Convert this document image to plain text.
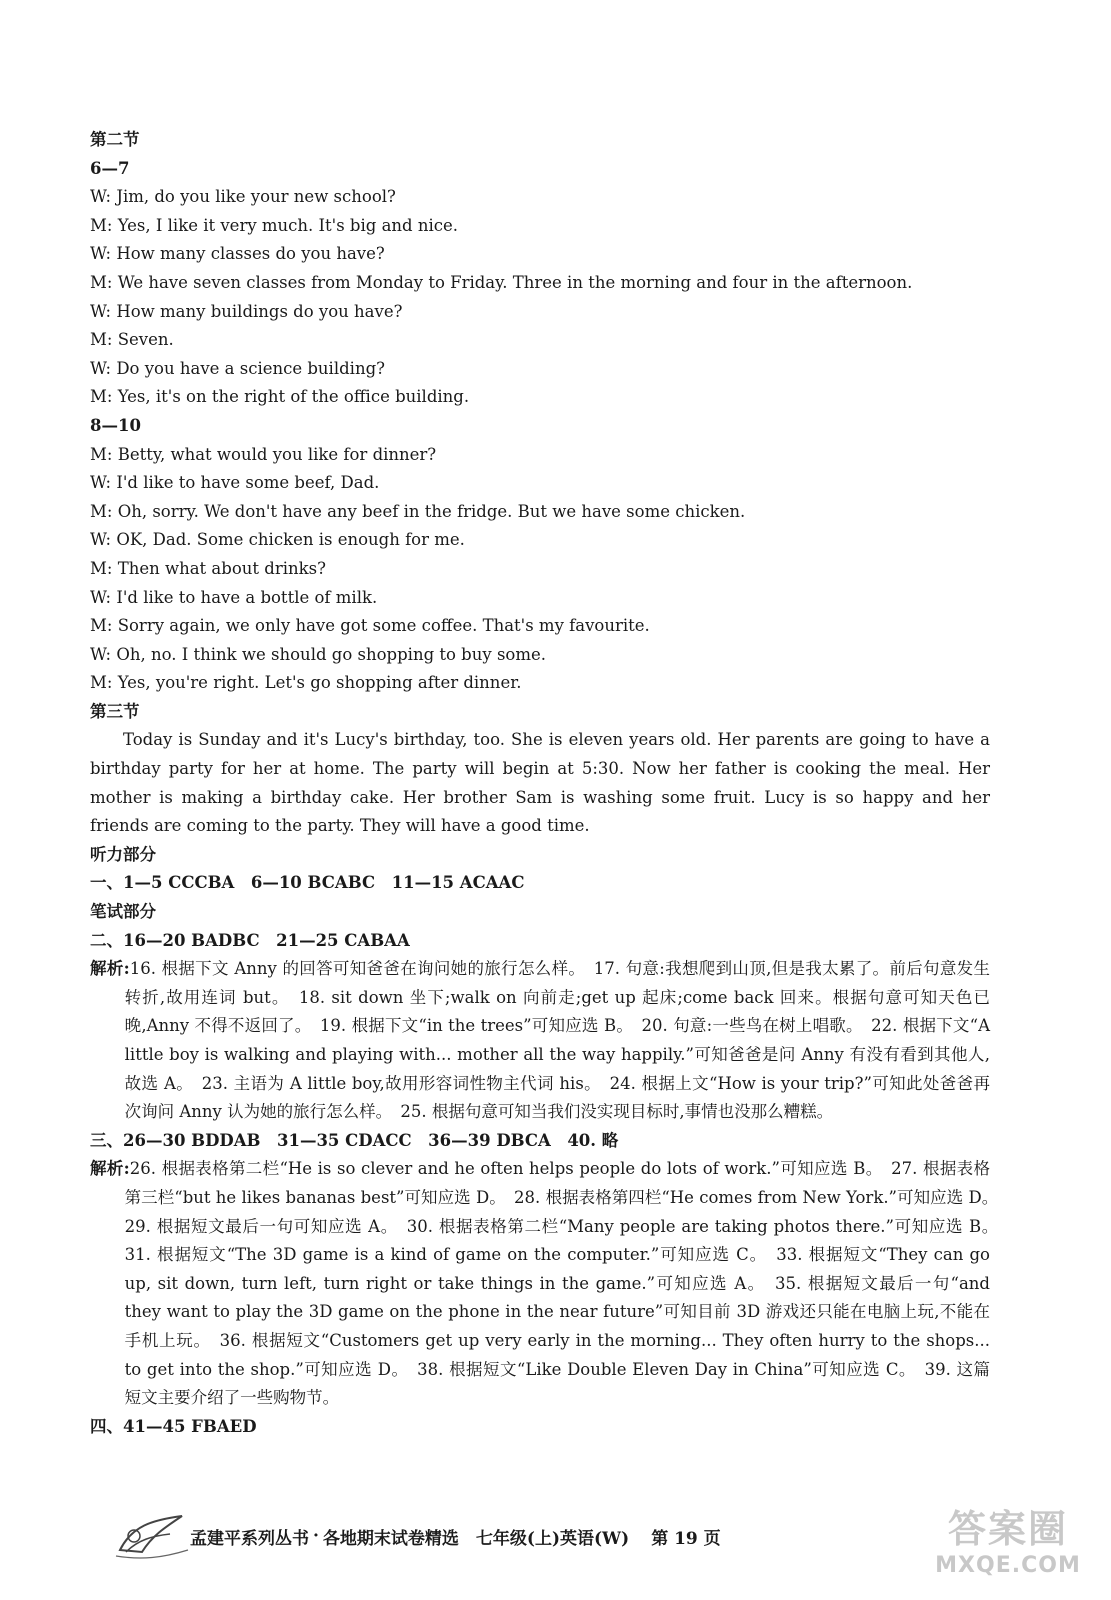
第二节
6—7
W: Jim, do you like your new school?
M: Yes, I like it very much. It's big and nice.
W: How many classes do you have?
M: We have seven classes from Monday to Friday. Three in the morning and four in the afternoon.
W: How many buildings do you have?
M: Seven.
W: Do you have a science building?
M: Yes, it's on the right of the office building.
8—10
M: Betty, what would you like for dinner?
W: I'd like to have some beef, Dad.
M: Oh, sorry. We don't have any beef in the fridge. But we have some chicken.
W: OK, Dad. Some chicken is enough for me.
M: Then what about drinks?
W: I'd like to have a bottle of milk.
M: Sorry again, we only have got some coffee. That's my favourite.
W: Oh, no. I think we should go shopping to buy some.
M: Yes, you're right. Let's go shopping after dinner.
第三节
Today is Sunday and it's Lucy's birthday, too. She is eleven years old. Her parents are going to have a birthday party for her at home. The party will begin at 5:30. Now her father is cooking the meal. Her mother is making a birthday cake. Her brother Sam is washing some fruit. Lucy is so happy and her friends are coming to the party. They will have a good time.
听力部分
一、1—5 CCCBA　6—10 BCABC　11—15 ACAAC
笔试部分
二、16—20 BADBC　21—25 CABAA
解析:16. 根据下文 Anny 的回答可知爸爸在询问她的旅行怎么样。　17. 句意:我想爬到山顶,但是我太累了。前后句意发生转折,故用连词 but。　18. sit down 坐下;walk on 向前走;get up 起床;come back 回来。根据句意可知天色已晚,Anny 不得不返回了。　19. 根据下文“in the trees”可知应选 B。　20. 句意:一些鸟在树上唱歌。　22. 根据下文“A little boy is walking and playing with... mother all the way happily.”可知爸爸是问 Anny 有没有看到其他人,故选 A。　23. 主语为 A little boy,故用形容词性物主代词 his。　24. 根据上文“How is your trip?”可知此处爸爸再次询问 Anny 认为她的旅行怎么样。　25. 根据句意可知当我们没实现目标时,事情也没那么糟糕。
三、26—30 BDDAB　31—35 CDACC　36—39 DBCA　40. 略
解析:26. 根据表格第二栏“He is so clever and he often helps people do lots of work.”可知应选 B。　27. 根据表格第三栏“but he likes bananas best”可知应选 D。　28. 根据表格第四栏“He comes from New York.”可知应选 D。　29. 根据短文最后一句可知应选 A。　30. 根据表格第二栏“Many people are taking photos there.”可知应选 B。　31. 根据短文“The 3D game is a kind of game on the computer.”可知应选 C。　33. 根据短文“They can go up, sit down, turn left, turn right or take things in the game.”可知应选 A。　35. 根据短文最后一句“and they want to play the 3D game on the phone in the near future”可知目前 3D 游戏还只能在电脑上玩,不能在手机上玩。　36. 根据短文“Customers get up very early in the morning... They often hurry to the shops... to get into the shop.”可知应选 D。　38. 根据短文“Like Double Eleven Day in China”可知应选 C。　39. 这篇短文主要介绍了一些购物节。
四、41—45 FBAED
孟建平系列丛书 · 各地期末试卷精选　七年级(上)英语(W) 第 19 页	答案圈
MXQE.COM
